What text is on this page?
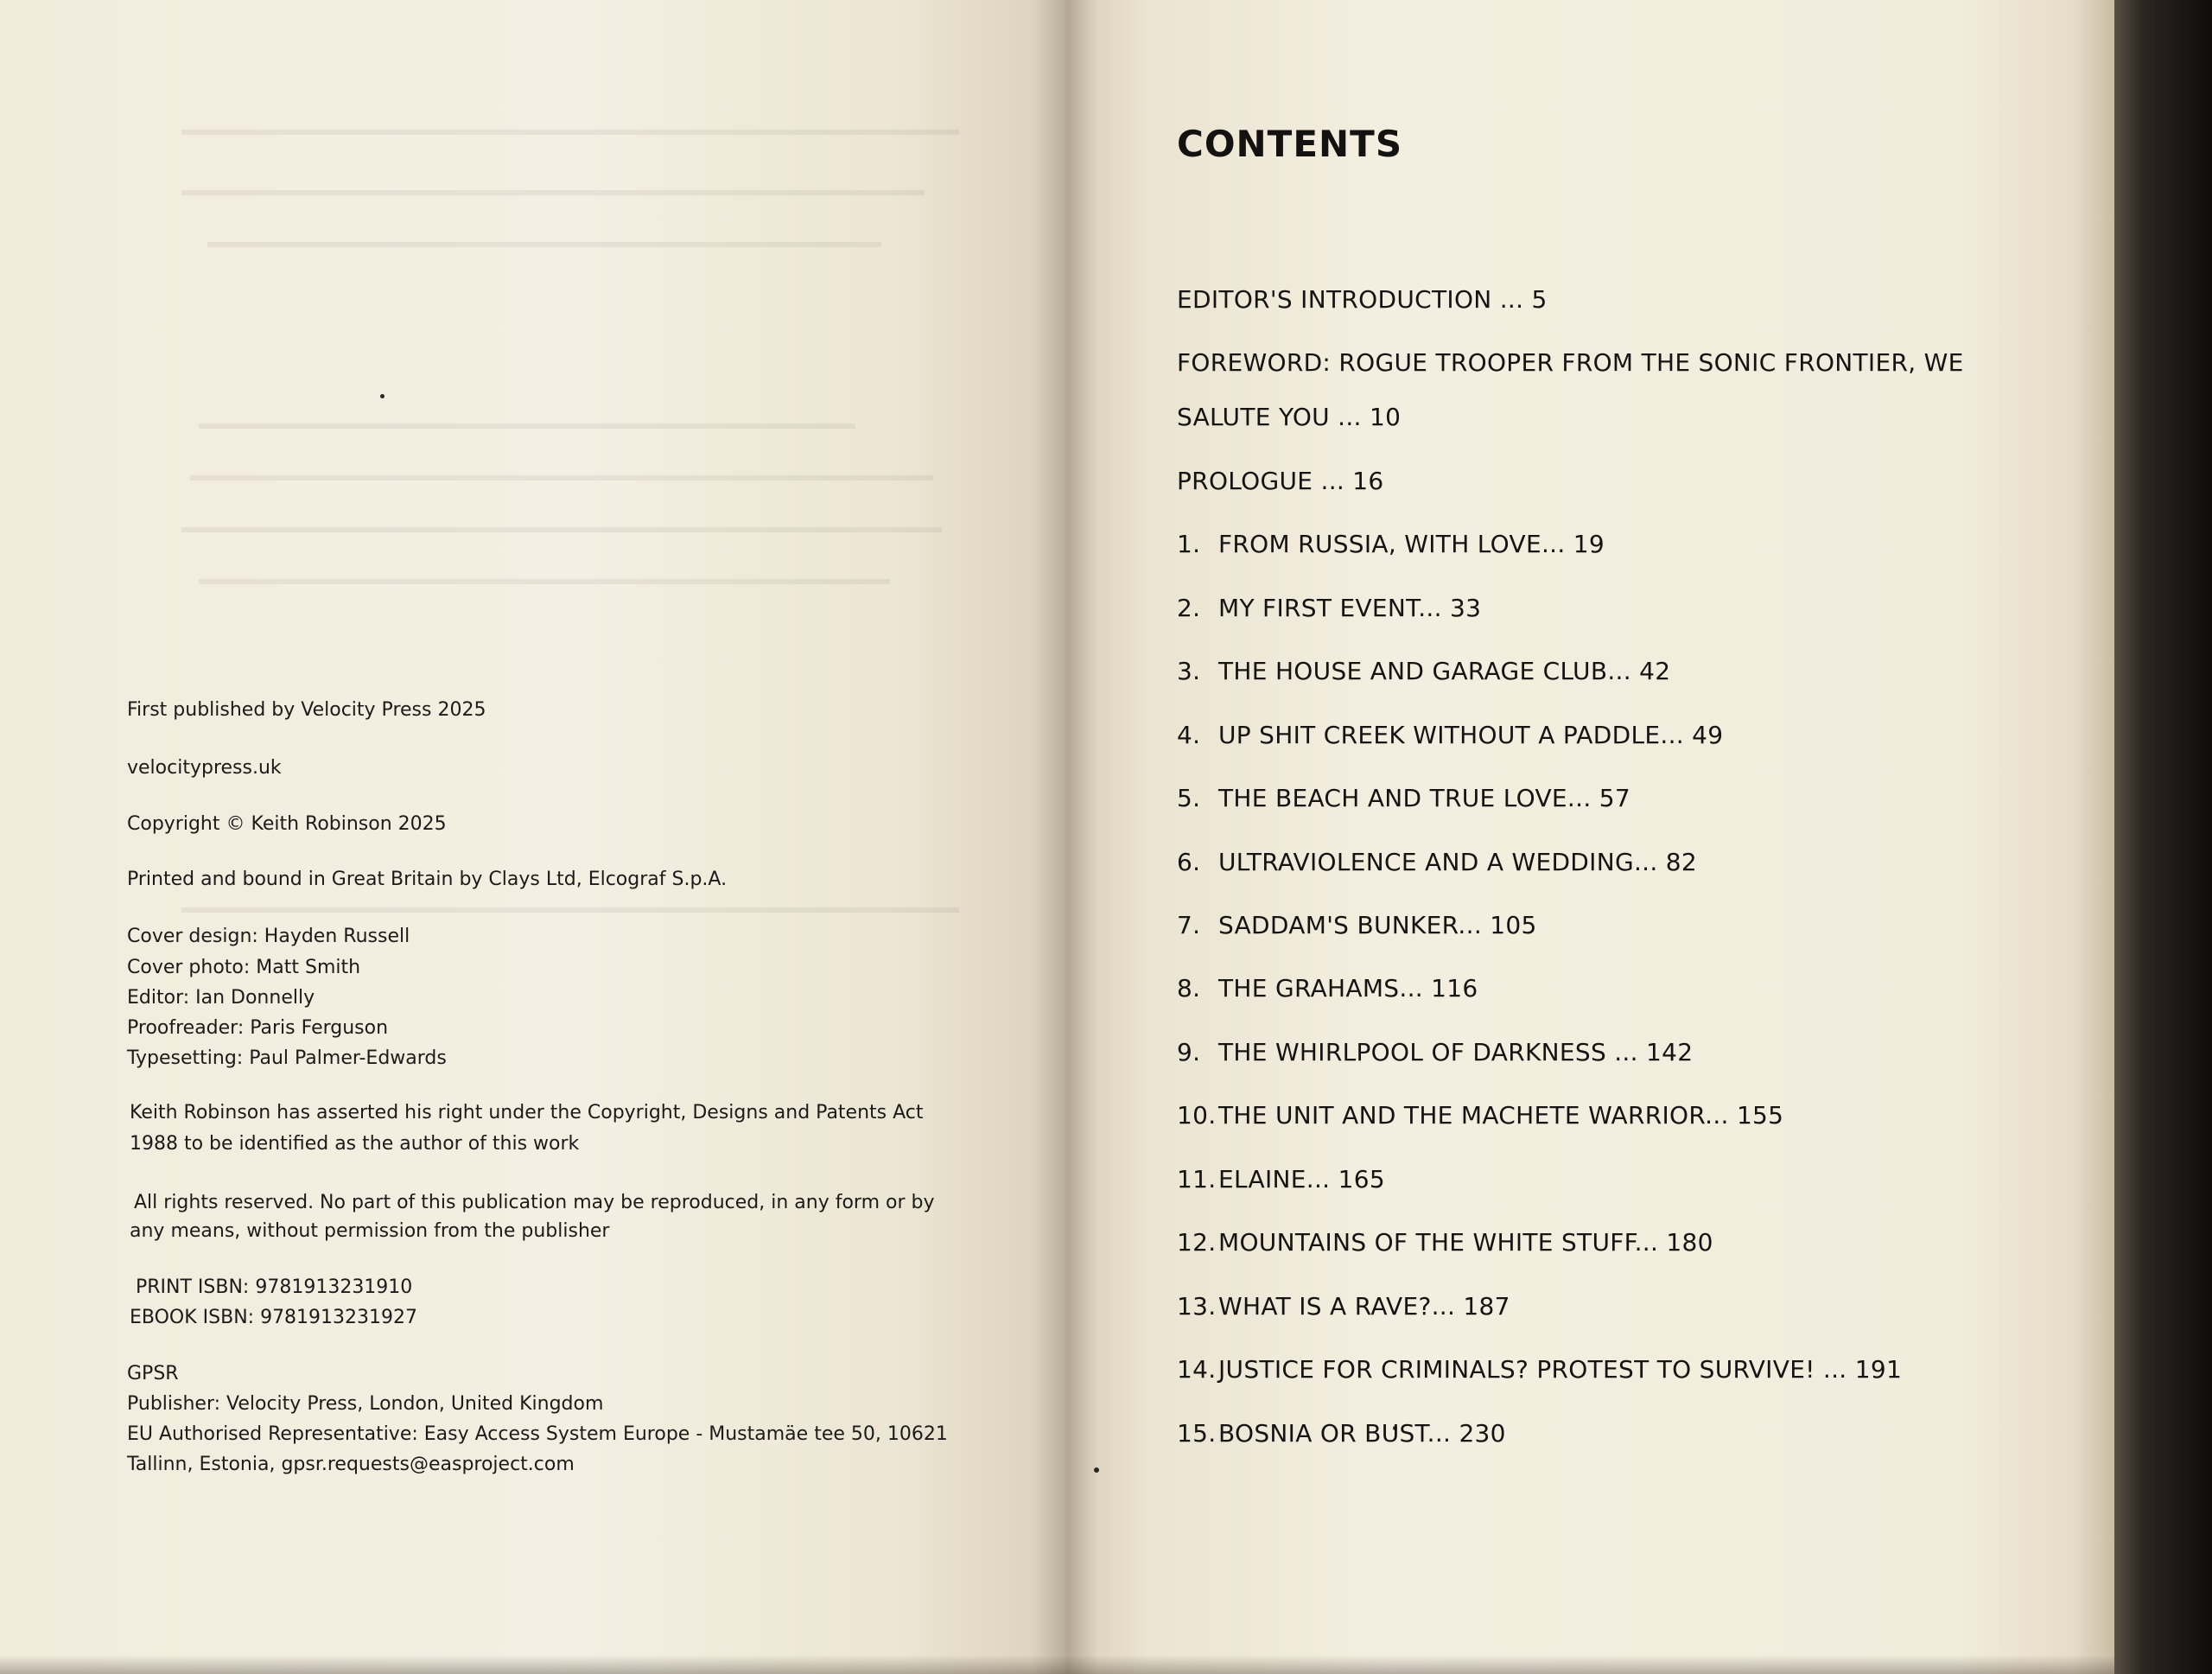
First published by Velocity Press 2025
velocitypress.uk
Copyright © Keith Robinson 2025
Printed and bound in Great Britain by Clays Ltd, Elcograf S.p.A.
Cover design: Hayden Russell
Cover photo: Matt Smith
Editor: Ian Donnelly
Proofreader: Paris Ferguson
Typesetting: Paul Palmer-Edwards
Keith Robinson has asserted his right under the Copyright, Designs and Patents Act
1988 to be identified as the author of this work
All rights reserved. No part of this publication may be reproduced, in any form or by
any means, without permission from the publisher
PRINT ISBN: 9781913231910
EBOOK ISBN: 9781913231927
GPSR
Publisher: Velocity Press, London, United Kingdom
EU Authorised Representative: Easy Access System Europe - Mustamäe tee 50, 10621
Tallinn, Estonia, gpsr.requests@easproject.com
CONTENTS
EDITOR'S INTRODUCTION ... 5
FOREWORD: ROGUE TROOPER FROM THE SONIC FRONTIER, WE
SALUTE YOU ... 10
PROLOGUE ... 16
1. FROM RUSSIA, WITH LOVE... 19
2. MY FIRST EVENT... 33
3. THE HOUSE AND GARAGE CLUB... 42
4. UP SHIT CREEK WITHOUT A PADDLE... 49
5. THE BEACH AND TRUE LOVE... 57
6. ULTRAVIOLENCE AND A WEDDING... 82
7. SADDAM'S BUNKER... 105
8. THE GRAHAMS... 116
9. THE WHIRLPOOL OF DARKNESS ... 142
10.THE UNIT AND THE MACHETE WARRIOR... 155
11.ELAINE... 165
12.MOUNTAINS OF THE WHITE STUFF... 180
13.WHAT IS A RAVE?... 187
14.JUSTICE FOR CRIMINALS? PROTEST TO SURVIVE! ... 191
15.BOSNIA OR BUST... 230
